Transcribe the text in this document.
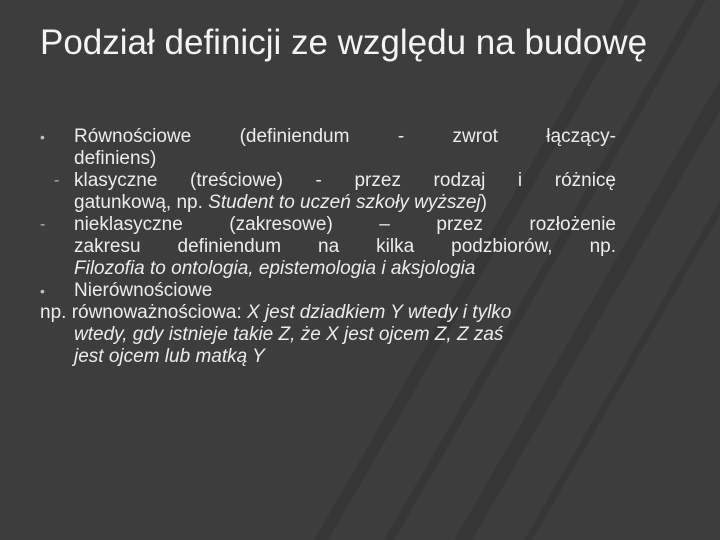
Podział definicji ze względu na budowę
• Równościowe (definiendum - zwrot łączący-
definiens)
- klasyczne (treściowe) - przez rodzaj i różnicę
gatunkową, np. Student to uczeń szkoły wyższej)
- nieklasyczne (zakresowe) – przez rozłożenie
zakresu definiendum na kilka podzbiorów, np.
Filozofia to ontologia, epistemologia i aksjologia
• Nierównościowe
np. równoważnościowa: X jest dziadkiem Y wtedy i tylko
wtedy, gdy istnieje takie Z, że X jest ojcem Z, Z zaś
jest ojcem lub matką Y
